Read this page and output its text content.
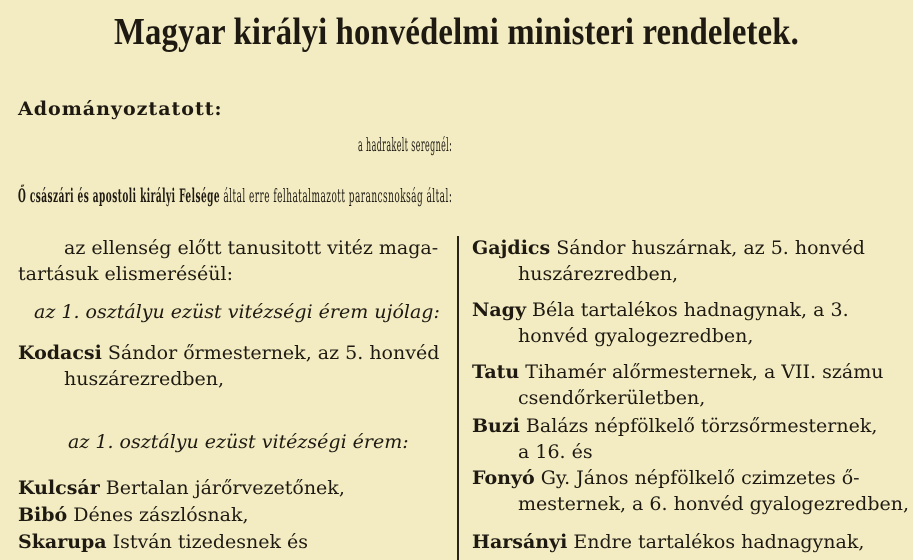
Magyar királyi honvédelmi ministeri rendeletek.
Adományoztatott:
a hadrakelt seregnél:
Ő császári és apostoli királyi Felsége által erre felhatalmazott parancsnokság által:
az ellenség előtt tanusitott vitéz maga-
tartásuk elismeréséül:
az 1. osztályu ezüst vitézségi érem ujólag:
Kodacsi Sándor őrmesternek, az 5. honvéd
huszárezredben,
az 1. osztályu ezüst vitézségi érem:
Kulcsár Bertalan járőrvezetőnek,
Bibó Dénes zászlósnak,
Skarupa István tizedesnek és
Gajdics Sándor huszárnak, az 5. honvéd
huszárezredben,
Nagy Béla tartalékos hadnagynak, a 3.
honvéd gyalogezredben,
Tatu Tihamér alőrmesternek, a VII. számu
csendőrkerületben,
Buzi Balázs népfölkelő törzsőrmesternek,
a 16. és
Fonyó Gy. János népfölkelő czimzetes ő-
mesternek, a 6. honvéd gyalogezredben,
Harsányi Endre tartalékos hadnagynak,
